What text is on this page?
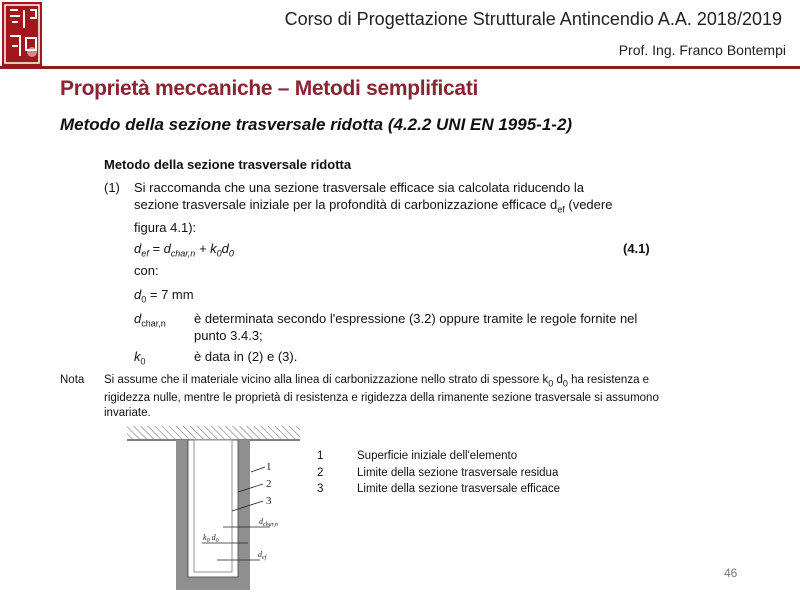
Corso di Progettazione Strutturale Antincendio A.A. 2018/2019
Prof. Ing. Franco Bontempi
Proprietà meccaniche – Metodi semplificati
Metodo della sezione trasversale ridotta (4.2.2 UNI EN 1995-1-2)
Metodo della sezione trasversale ridotta
(1) Si raccomanda che una sezione trasversale efficace sia calcolata riducendo la
sezione trasversale iniziale per la profondità di carbonizzazione efficace $d_{ef}$ (vedere
figura 4.1):
$d_{ef} = d_{char,n} + k_0d_0$	(4.1)
con:
$d_0 = 7$ mm
$d_{char,n}$ è determinata secondo l'espressione (3.2) oppure tramite le regole fornite nel
punto 3.4.3;
$k_0$	è data in (2) e (3).
Nota Si assume che il materiale vicino alla linea di carbonizzazione nello strato di spessore $k_0$ $d_0$ ha resistenza e
rigidezza nulle, mentre le proprietà di resistenza e rigidezza della rimanente sezione trasversale si assumono
invariate.
1
2
3
$d_{char,n}$
$k_0$ $d_0$
$d_{ef}$
1	Superficie iniziale dell'elemento
2	Limite della sezione trasversale residua
3	Limite della sezione trasversale efficace
46
